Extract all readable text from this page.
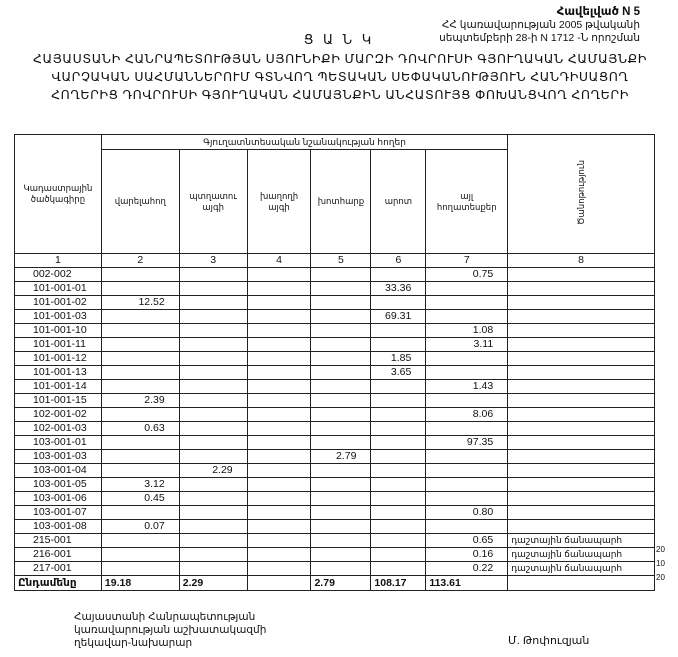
Հավելված N 5
ՀՀ կառավարության 2005 թվականի
սեպտեմբերի 28-ի N 1712 -Ն որոշման
Ց Ա Ն Կ
ՀԱՅԱՍՏԱՆԻ ՀԱՆՐԱՊԵՏՈՒԹՅԱՆ ՍՅՈՒՆԻՔԻ ՄԱՐԶԻ ԴՈՎՐՈՒՍԻ ԳՅՈՒՂԱԿԱՆ ՀԱՄԱՅՆՔԻ
ՎԱՐՉԱԿԱՆ ՍԱՀՄԱՆՆԵՐՈՒՄ ԳՏՆՎՈՂ ՊԵՏԱԿԱՆ ՍԵՓԱԿԱՆՈՒԹՅՈՒՆ ՀԱՆԴԻՍԱՑՈՂ
ՀՈՂԵՐԻՑ ԴՈՎՐՈՒՍԻ ԳՅՈՒՂԱԿԱՆ ՀԱՄԱՅՆՔԻՆ ԱՆՀԱՏՈՒՅՑ ՓՈԽԱՆՑՎՈՂ ՀՈՂԵՐԻ
Կադաստրային ծածկագիրը	Գյուղատնտեսական նշանակության հողեր						Ծանոթություն
	վարելահող	պտղատու այգի	խաղողի այգի	խոտհարք	արոտ	այլ հողատեսքեր	
1	2	3	4	5	6	7	8
002-002						0.75	
101-001-01					33.36		
101-001-02	12.52						
101-001-03					69.31		
101-001-10						1.08	
101-001-11						3.11	
101-001-12					1.85		
101-001-13					3.65		
101-001-14						1.43	
101-001-15	2.39						
102-001-02						8.06	
102-001-03	0.63						
103-001-01						97.35	
103-001-03				2.79			
103-001-04		2.29					
103-001-05	3.12						
103-001-06	0.45						
103-001-07						0.80	
103-001-08	0.07						
215-001						0.65	դաշտային ճանապարհ
216-001						0.16	դաշտային ճանապարհ
217-001						0.22	դաշտային ճանապարհ
Ընդամենը	19.18	2.29		2.79	108.17	113.61	
20
10
20
Հայաստանի Հանրապետության
կառավարության աշխատակազմի
ղեկավար-նախարար	Մ. Թոփուզյան
